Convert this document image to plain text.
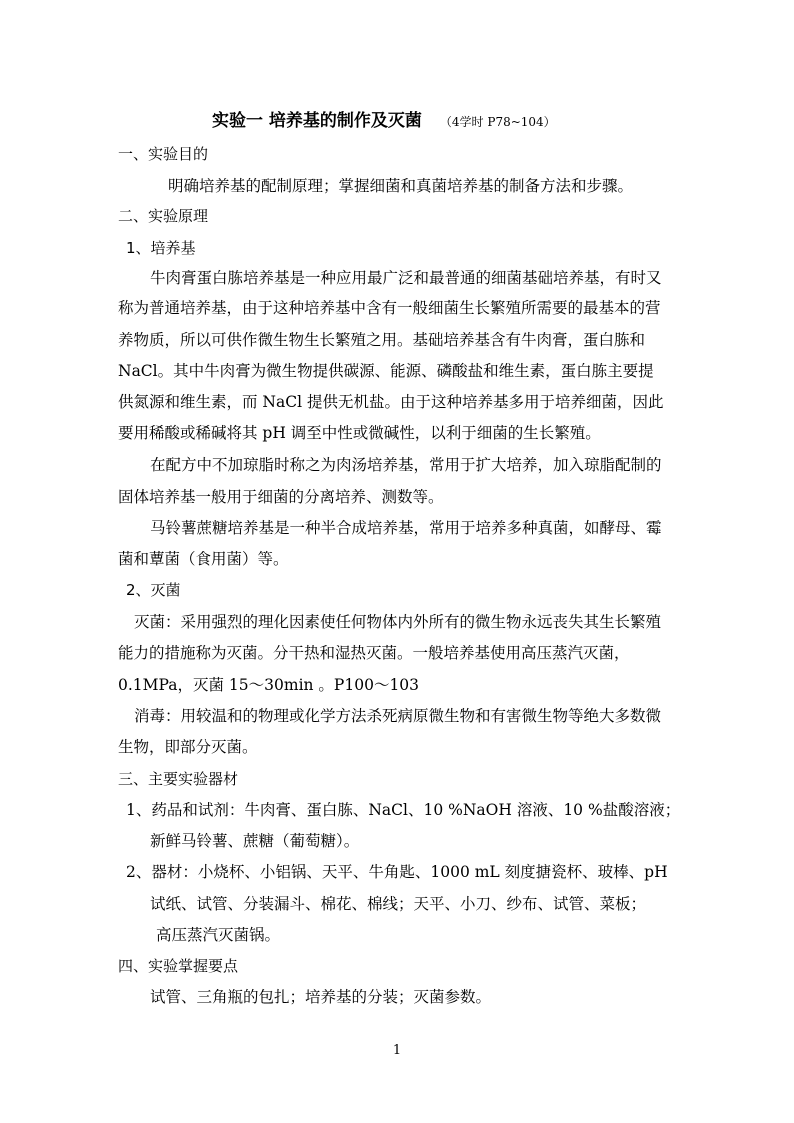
实验一 培养基的制作及灭菌 （4学时 P78~104）
一、实验目的
明确培养基的配制原理；掌握细菌和真菌培养基的制备方法和步骤。
二、实验原理
1、培养基
牛肉膏蛋白胨培养基是一种应用最广泛和最普通的细菌基础培养基，有时又
称为普通培养基，由于这种培养基中含有一般细菌生长繁殖所需要的最基本的营
养物质，所以可供作微生物生长繁殖之用。基础培养基含有牛肉膏，蛋白胨和
NaCl。其中牛肉膏为微生物提供碳源、能源、磷酸盐和维生素，蛋白胨主要提
供氮源和维生素，而 NaCl 提供无机盐。由于这种培养基多用于培养细菌，因此
要用稀酸或稀碱将其 pH 调至中性或微碱性，以利于细菌的生长繁殖。
在配方中不加琼脂时称之为肉汤培养基，常用于扩大培养，加入琼脂配制的
固体培养基一般用于细菌的分离培养、测数等。
马铃薯蔗糖培养基是一种半合成培养基，常用于培养多种真菌，如酵母、霉
菌和蕈菌（食用菌）等。
2、灭菌
灭菌：采用强烈的理化因素使任何物体内外所有的微生物永远丧失其生长繁殖
能力的措施称为灭菌。分干热和湿热灭菌。一般培养基使用高压蒸汽灭菌，
0.1MPa，灭菌 15～30min 。P100～103
消毒：用较温和的物理或化学方法杀死病原微生物和有害微生物等绝大多数微
生物，即部分灭菌。
三、主要实验器材
1、药品和试剂：牛肉膏、蛋白胨、NaCl、10 %NaOH 溶液、10 %盐酸溶液；
新鲜马铃薯、蔗糖（葡萄糖）。
2、器材：小烧杯、小铝锅、天平、牛角匙、1000 mL 刻度搪瓷杯、玻棒、pH
试纸、试管、分装漏斗、棉花、棉线；天平、小刀、纱布、试管、菜板；
高压蒸汽灭菌锅。
四、实验掌握要点
试管、三角瓶的包扎；培养基的分装；灭菌参数。
1
